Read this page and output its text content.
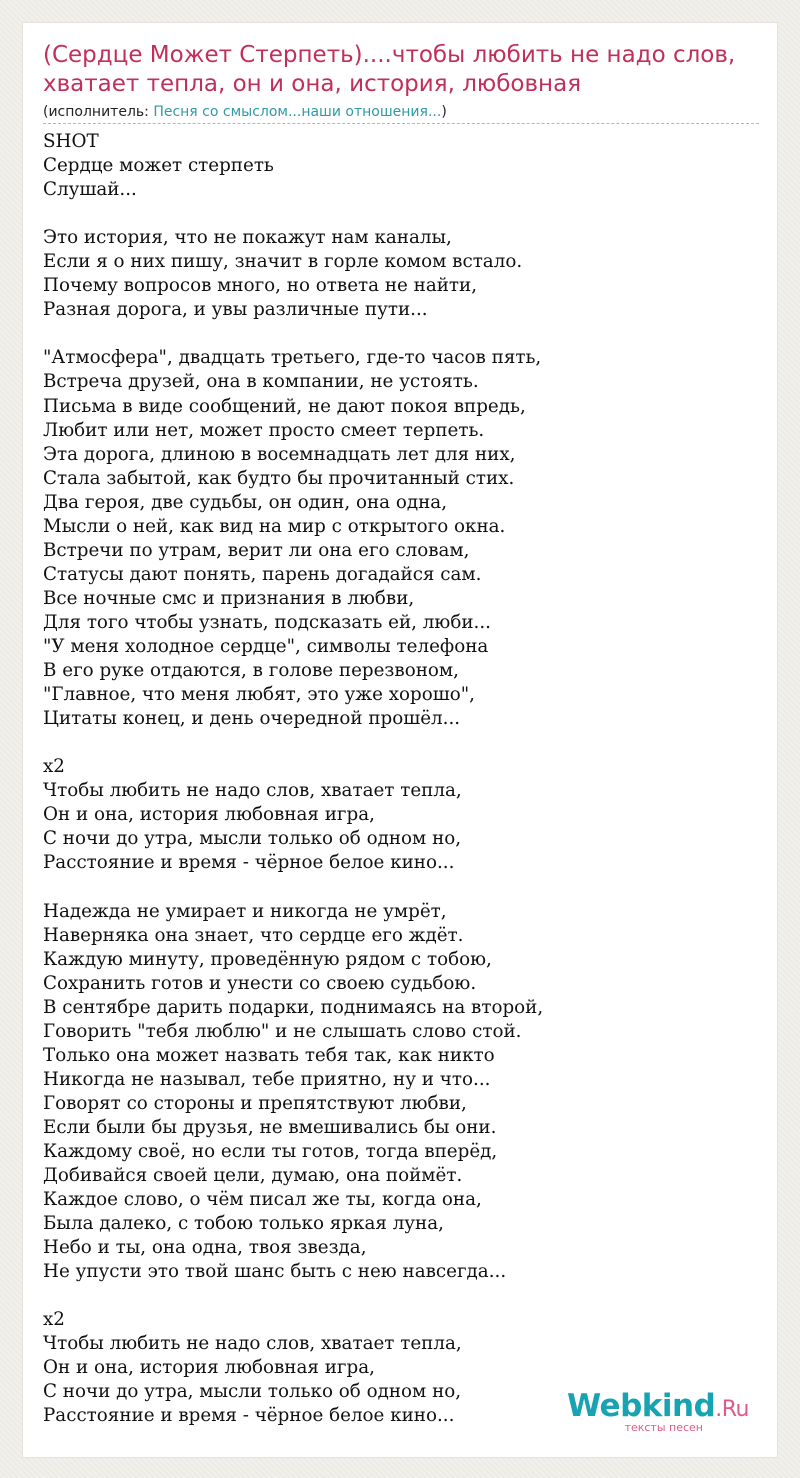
(Сердце Может Стерпеть)....чтобы любить не надо слов, хватает тепла, он и она, история, любовная
(исполнитель: Песня со смыслом...наши отношения...)
SHOT
Сердце может стерпеть
Слушай...
Это история, что не покажут нам каналы,
Если я о них пишу, значит в горле комом встало.
Почему вопросов много, но ответа не найти,
Разная дорога, и увы различные пути...
"Атмосфера", двадцать третьего, где-то часов пять,
Встреча друзей, она в компании, не устоять.
Письма в виде сообщений, не дают покоя впредь,
Любит или нет, может просто смеет терпеть.
Эта дорога, длиною в восемнадцать лет для них,
Стала забытой, как будто бы прочитанный стих.
Два героя, две судьбы, он один, она одна,
Мысли о ней, как вид на мир с открытого окна.
Встречи по утрам, верит ли она его словам,
Статусы дают понять, парень догадайся сам.
Все ночные смс и признания в любви,
Для того чтобы узнать, подсказать ей, люби...
"У меня холодное сердце", символы телефона
В его руке отдаются, в голове перезвоном,
"Главное, что меня любят, это уже хорошо",
Цитаты конец, и день очередной прошёл...
x2
Чтобы любить не надо слов, хватает тепла,
Он и она, история любовная игра,
С ночи до утра, мысли только об одном но,
Расстояние и время - чёрное белое кино...
Надежда не умирает и никогда не умрёт,
Наверняка она знает, что сердце его ждёт.
Каждую минуту, проведённую рядом с тобою,
Сохранить готов и унести со своею судьбою.
В сентябре дарить подарки, поднимаясь на второй,
Говорить "тебя люблю" и не слышать слово стой.
Только она может назвать тебя так, как никто
Никогда не называл, тебе приятно, ну и что...
Говорят со стороны и препятствуют любви,
Если были бы друзья, не вмешивались бы они.
Каждому своё, но если ты готов, тогда вперёд,
Добивайся своей цели, думаю, она поймёт.
Каждое слово, о чём писал же ты, когда она,
Была далеко, с тобою только яркая луна,
Небо и ты, она одна, твоя звезда,
Не упусти это твой шанс быть с нею навсегда...
x2
Чтобы любить не надо слов, хватает тепла,
Он и она, история любовная игра,
С ночи до утра, мысли только об одном но,
Расстояние и время - чёрное белое кино...	Webkind.Ru
тексты песен
